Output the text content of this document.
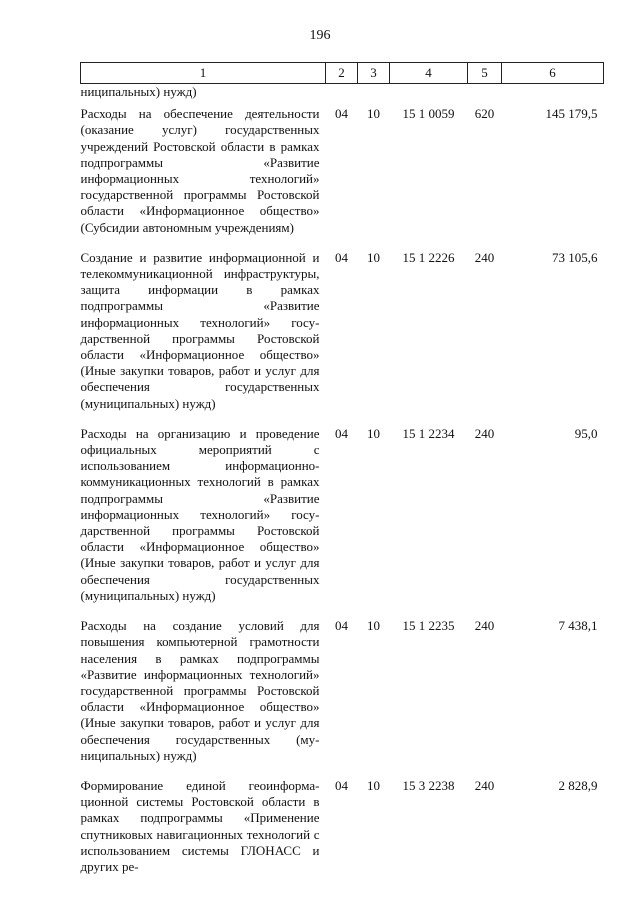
196
1	2	3	4	5	6
ниципальных) нужд)					
Расходы на обеспечение деятельности (оказание услуг) государственных учреждений Ростовской области в рамках подпрограммы «Развитие информационных технологий» государственной программы Ростовской области «Информационное общество» (Субсидии автономным учреждениям)	04	10	15 1 0059	620	145 179,5
Создание и развитие информационной и телекоммуникационной инфраструктуры, защита информации в рамках подпрограммы «Развитие информационных технологий» государственной программы Ростовской области «Информационное общество» (Иные закупки товаров, работ и услуг для обеспечения государственных (муниципальных) нужд)	04	10	15 1 2226	240	73 105,6
Расходы на организацию и проведение официальных мероприятий с использованием информационно-коммуникационных технологий в рамках подпрограммы «Развитие информационных технологий» государственной программы Ростовской области «Информационное общество» (Иные закупки товаров, работ и услуг для обеспечения государственных (муниципальных) нужд)	04	10	15 1 2234	240	95,0
Расходы на создание условий для повышения компьютерной грамотности населения в рамках подпрограммы «Развитие информационных технологий» государственной программы Ростовской области «Информационное общество» (Иные закупки товаров, работ и услуг для обеспечения государственных (муниципальных) нужд)	04	10	15 1 2235	240	7 438,1
Формирование единой геоинформационной системы Ростовской области в рамках подпрограммы «Применение спутниковых навигационных технологий с использованием системы ГЛОНАСС и других ре-	04	10	15 3 2238	240	2 828,9
